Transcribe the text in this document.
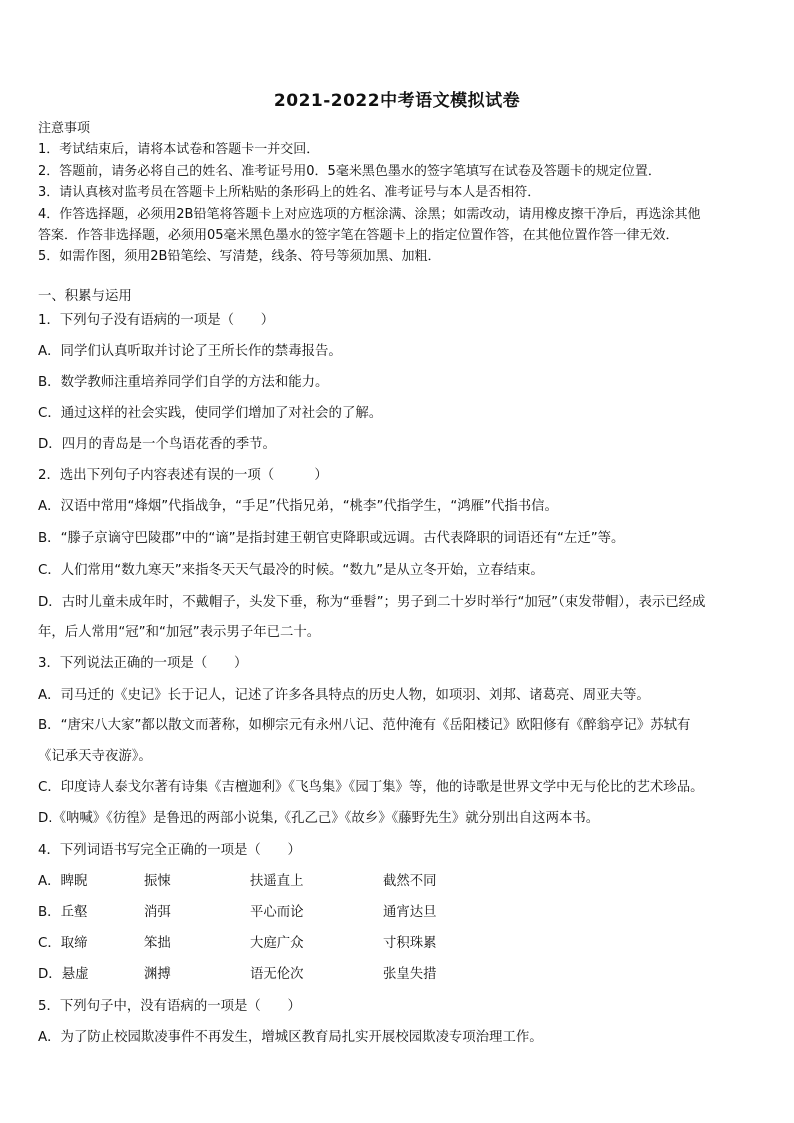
2021-2022中考语文模拟试卷

注意事项

1．考试结束后，请将本试卷和答题卡一并交回．

2．答题前，请务必将自己的姓名、准考证号用0．5毫米黑色墨水的签字笔填写在试卷及答题卡的规定位置．

3．请认真核对监考员在答题卡上所粘贴的条形码上的姓名、准考证号与本人是否相符．

4．作答选择题，必须用2B铅笔将答题卡上对应选项的方框涂满、涂黑；如需改动，请用橡皮擦干净后，再选涂其他

答案．作答非选择题，必须用05毫米黑色墨水的签字笔在答题卡上的指定位置作答，在其他位置作答一律无效．

5．如需作图，须用2B铅笔绘、写清楚，线条、符号等须加黑、加粗．

一、积累与运用
1．下列句子没有语病的一项是（　　）
A．同学们认真听取并讨论了王所长作的禁毒报告。
B．数学教师注重培养同学们自学的方法和能力。
C．通过这样的社会实践，使同学们增加了对社会的了解。
D．四月的青岛是一个鸟语花香的季节。
2．选出下列句子内容表述有误的一项（　　　）
A．汉语中常用“烽烟”代指战争，“手足”代指兄弟，“桃李”代指学生，“鸿雁”代指书信。
B．“滕子京谪守巴陵郡”中的“谪”是指封建王朝官吏降职或远调。古代表降职的词语还有“左迁”等。
C．人们常用“数九寒天”来指冬天天气最冷的时候。“数九”是从立冬开始，立春结束。
D．古时儿童未成年时，不戴帽子，头发下垂，称为“垂髫”；男子到二十岁时举行“加冠”（束发带帽），表示已经成
年，后人常用“冠”和“加冠”表示男子年已二十。
3．下列说法正确的一项是（　　）
A．司马迁的《史记》长于记人，记述了许多各具特点的历史人物，如项羽、刘邦、诸葛亮、周亚夫等。
B．“唐宋八大家”都以散文而著称，如柳宗元有永州八记、范仲淹有《岳阳楼记》欧阳修有《醉翁亭记》苏轼有
《记承天寺夜游》。
C．印度诗人泰戈尔著有诗集《吉檀迦利》《飞鸟集》《园丁集》等，他的诗歌是世界文学中无与伦比的艺术珍品。
D.《呐喊》《彷徨》是鲁迅的两部小说集,《孔乙己》《故乡》《藤野先生》就分别出自这两本书。
4．下列词语书写完全正确的一项是（　　）
A．睥睨	振悚	扶遥直上	截然不同
B．丘壑	消弭	平心而论	通宵达旦
C．取缔	笨拙	大庭广众	寸积珠累
D．悬虚	渊搏	语无伦次	张皇失措
5．下列句子中，没有语病的一项是（　　）
A．为了防止校园欺凌事件不再发生，增城区教育局扎实开展校园欺凌专项治理工作。
